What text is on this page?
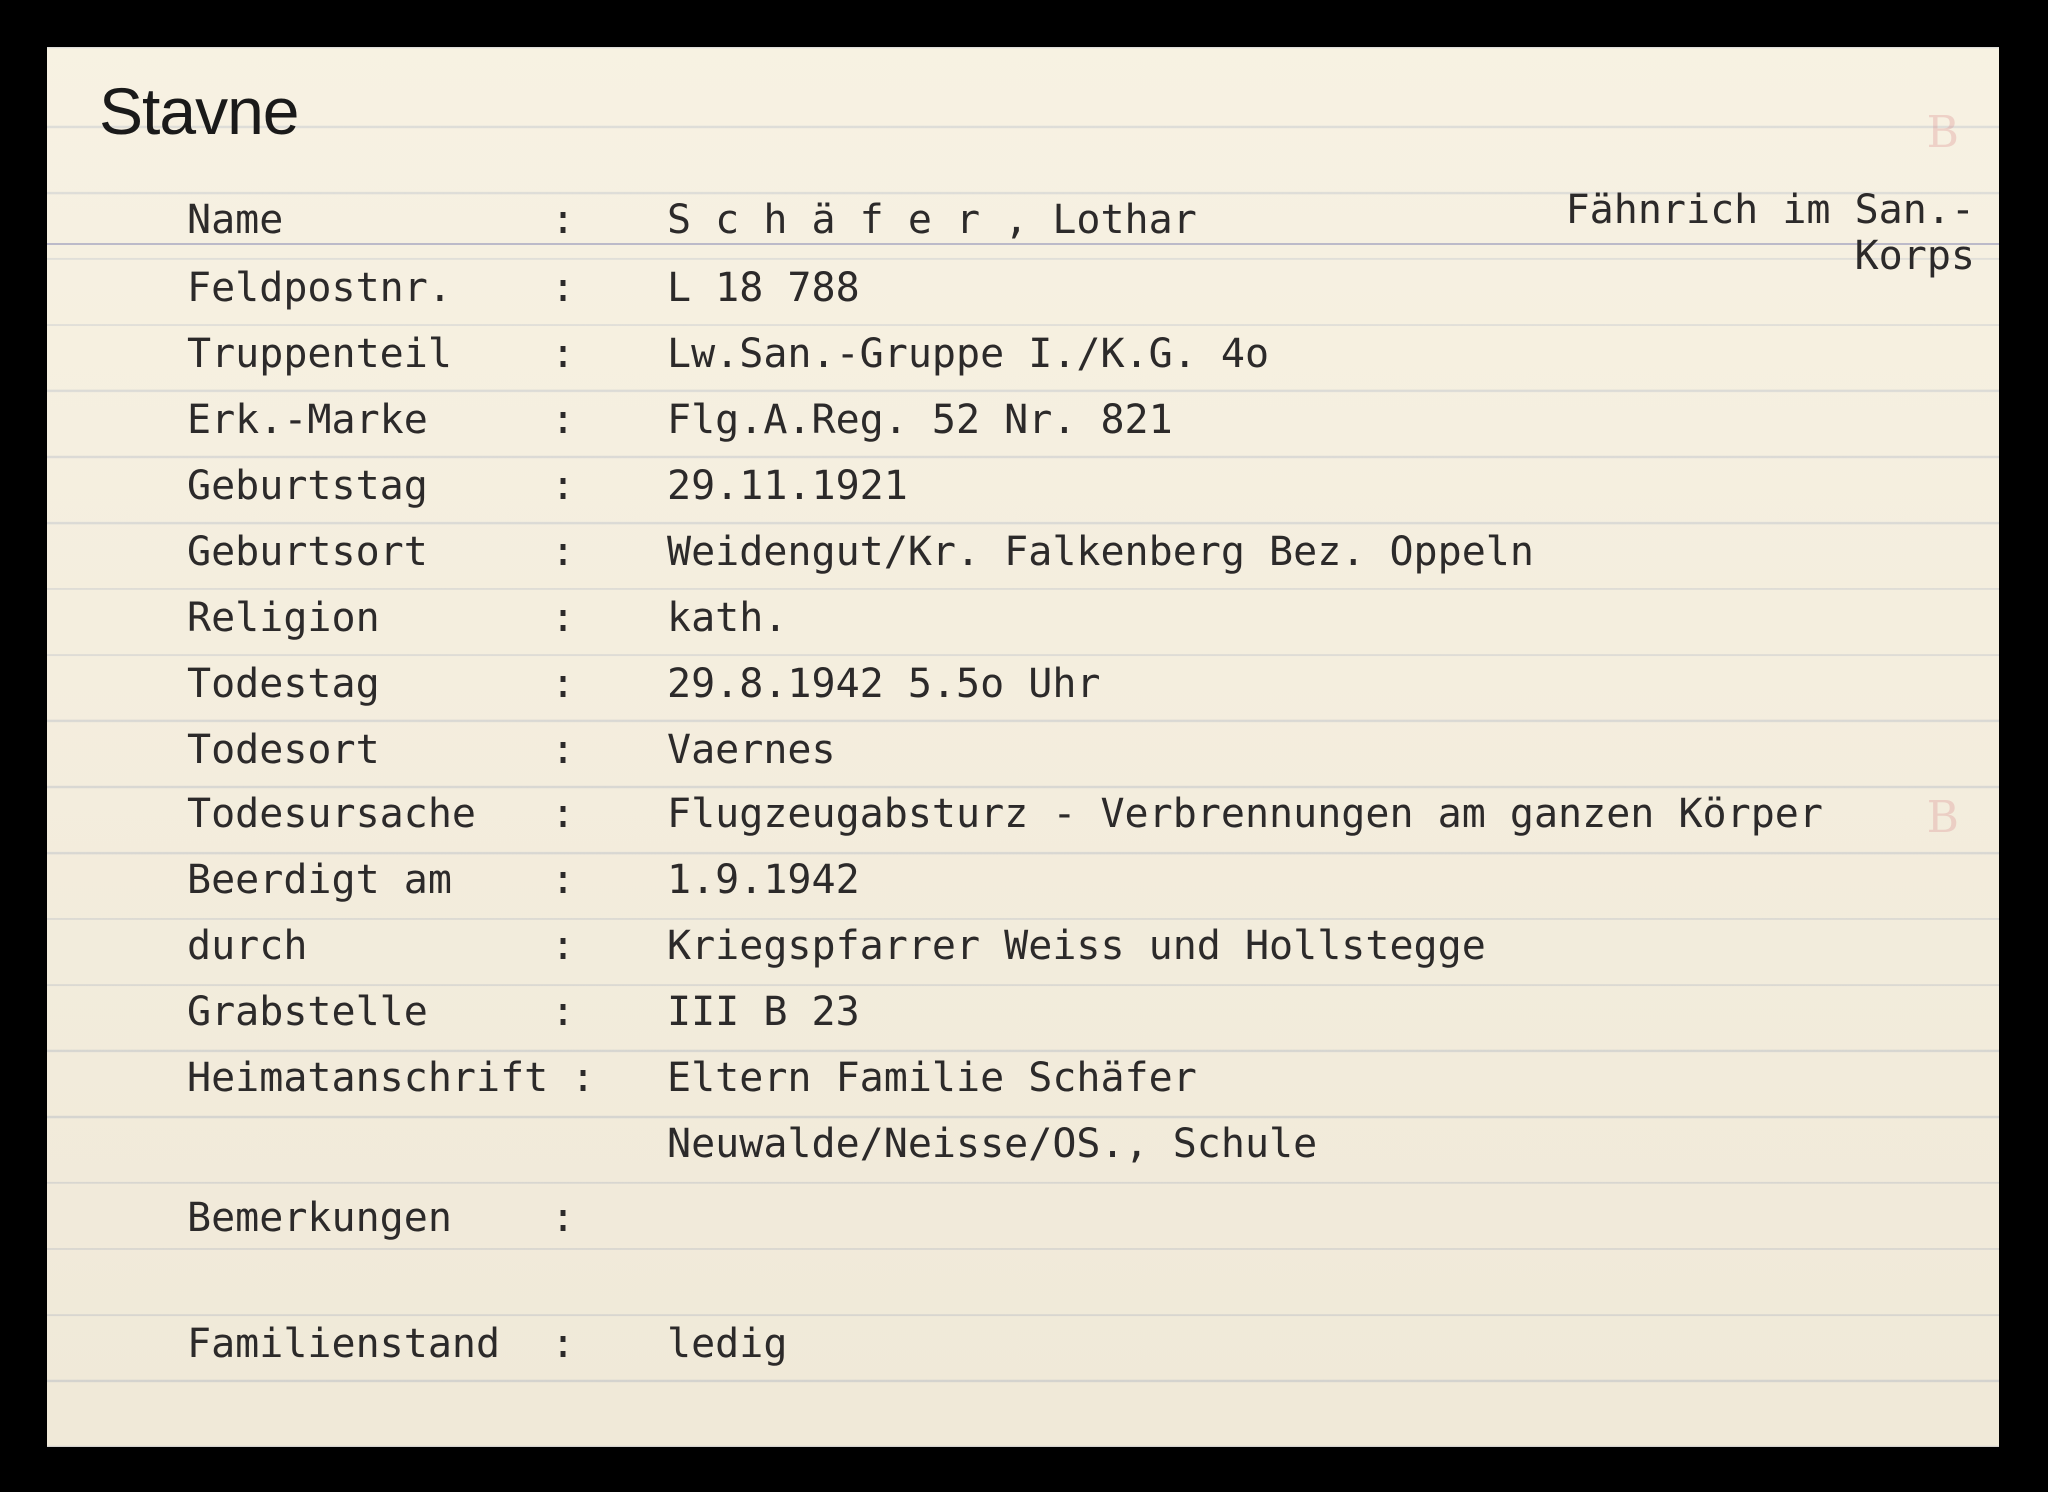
Stavne
Fähnrich im San.-
Korps
B
B
Name	: S c h ä f e r , Lothar
Feldpostnr. : L 18 788
Truppenteil : Lw.San.-Gruppe I./K.G. 4o
Erk.-Marke	: Flg.A.Reg. 52 Nr. 821
Geburtstag	: 29.11.1921
Geburtsort	: Weidengut/Kr. Falkenberg Bez. Oppeln
Religion	: kath.
Todestag	: 29.8.1942 5.5o Uhr
Todesort	: Vaernes
Todesursache : Flugzeugabsturz - Verbrennungen am ganzen Körper
Beerdigt am : 1.9.1942
durch	: Kriegspfarrer Weiss und Hollstegge
Grabstelle	: III B 23
Heimatanschrift : Eltern Familie Schäfer
Neuwalde/Neisse/OS., Schule
Bemerkungen :
Familienstand : ledig
